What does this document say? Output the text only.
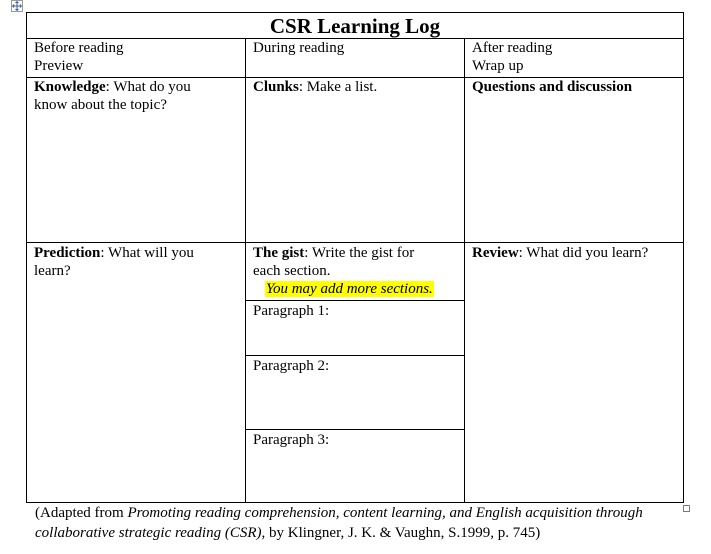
CSR Learning Log
Before reading
Preview
During reading	After reading
Wrap up
Knowledge: What do you
know about the topic?
Clunks: Make a list.	Questions and discussion
Prediction: What will you
learn?
The gist: Write the gist for
each section.
You may add more sections.
Review: What did you learn?
Paragraph 1:
Paragraph 2:
Paragraph 3:
(Adapted from Promoting reading comprehension, content learning, and English acquisition through
collaborative strategic reading (CSR), by Klingner, J. K. & Vaughn, S.1999, p. 745)
